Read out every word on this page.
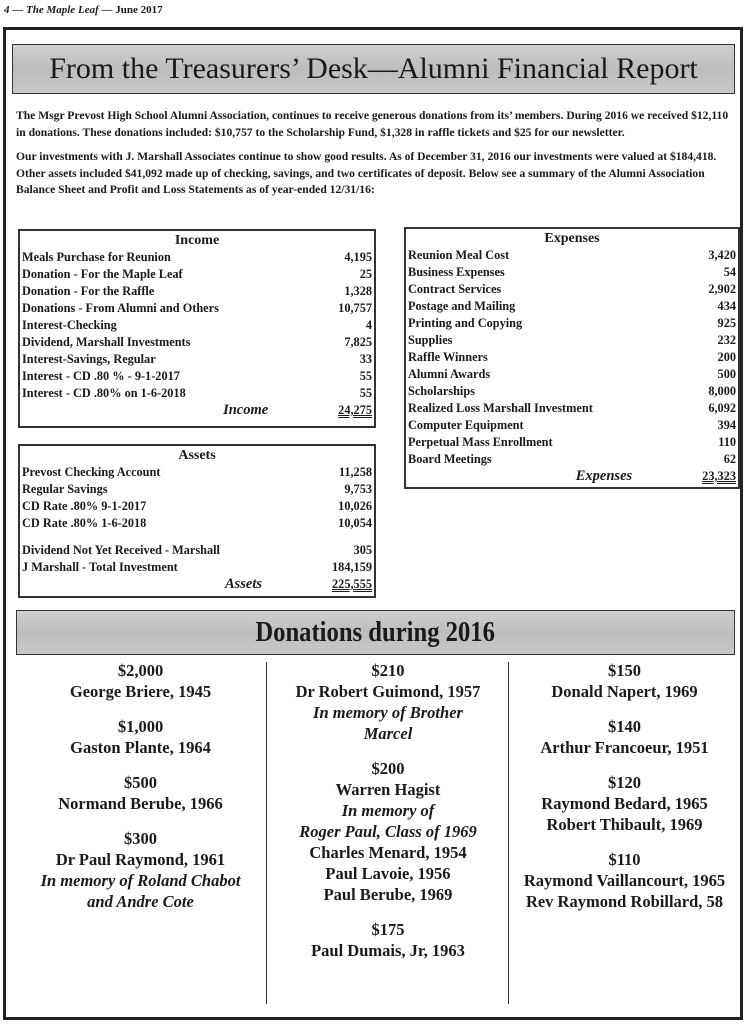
4 — The Maple Leaf — June 2017
From the Treasurers’ Desk—Alumni Financial Report

The Msgr Prevost High School Alumni Association, continues to receive generous donations from its’ members. During 2016 we received $12,110 in donations. These donations included: $10,757 to the Scholarship Fund, $1,328 in raffle tickets and $25 for our newsletter.

Our investments with J. Marshall Associates continue to show good results. As of December 31, 2016 our investments were valued at $184,418. Other assets included $41,092 made up of checking, savings, and two certificates of deposit. Below see a summary of the Alumni Association Balance Sheet and Profit and Loss Statements as of year-ended 12/31/16:

Income
Meals Purchase for Reunion	4,195
Donation - For the Maple Leaf	25
Donation - For the Raffle	1,328
Donations - From Alumni and Others	10,757
Interest-Checking	4
Dividend, Marshall Investments	7,825
Interest-Savings, Regular	33
Interest - CD .80 % - 9-1-2017	55
Interest - CD .80% on 1-6-2018	55
Income	24,275
Assets
Prevost Checking Account	11,258
Regular Savings	9,753
CD Rate .80% 9-1-2017	10,026
CD Rate .80% 1-6-2018	10,054
Dividend Not Yet Received - Marshall	305
J Marshall - Total Investment	184,159
Assets	225,555
Expenses
Reunion Meal Cost	3,420
Business Expenses	54
Contract Services	2,902
Postage and Mailing	434
Printing and Copying	925
Supplies	232
Raffle Winners	200
Alumni Awards	500
Scholarships	8,000
Realized Loss Marshall Investment	6,092
Computer Equipment	394
Perpetual Mass Enrollment	110
Board Meetings	62
Expenses	23,323
Donations during 2016
$2,000
George Briere, 1945
$1,000
Gaston Plante, 1964
$500
Normand Berube, 1966
$300
Dr Paul Raymond, 1961
In memory of Roland Chabot
and Andre Cote
$210
Dr Robert Guimond, 1957
In memory of Brother
Marcel
$200
Warren Hagist
In memory of
Roger Paul, Class of 1969
Charles Menard, 1954
Paul Lavoie, 1956
Paul Berube, 1969
$175
Paul Dumais, Jr, 1963
$150
Donald Napert, 1969
$140
Arthur Francoeur, 1951
$120
Raymond Bedard, 1965
Robert Thibault, 1969
$110
Raymond Vaillancourt, 1965
Rev Raymond Robillard, 58
